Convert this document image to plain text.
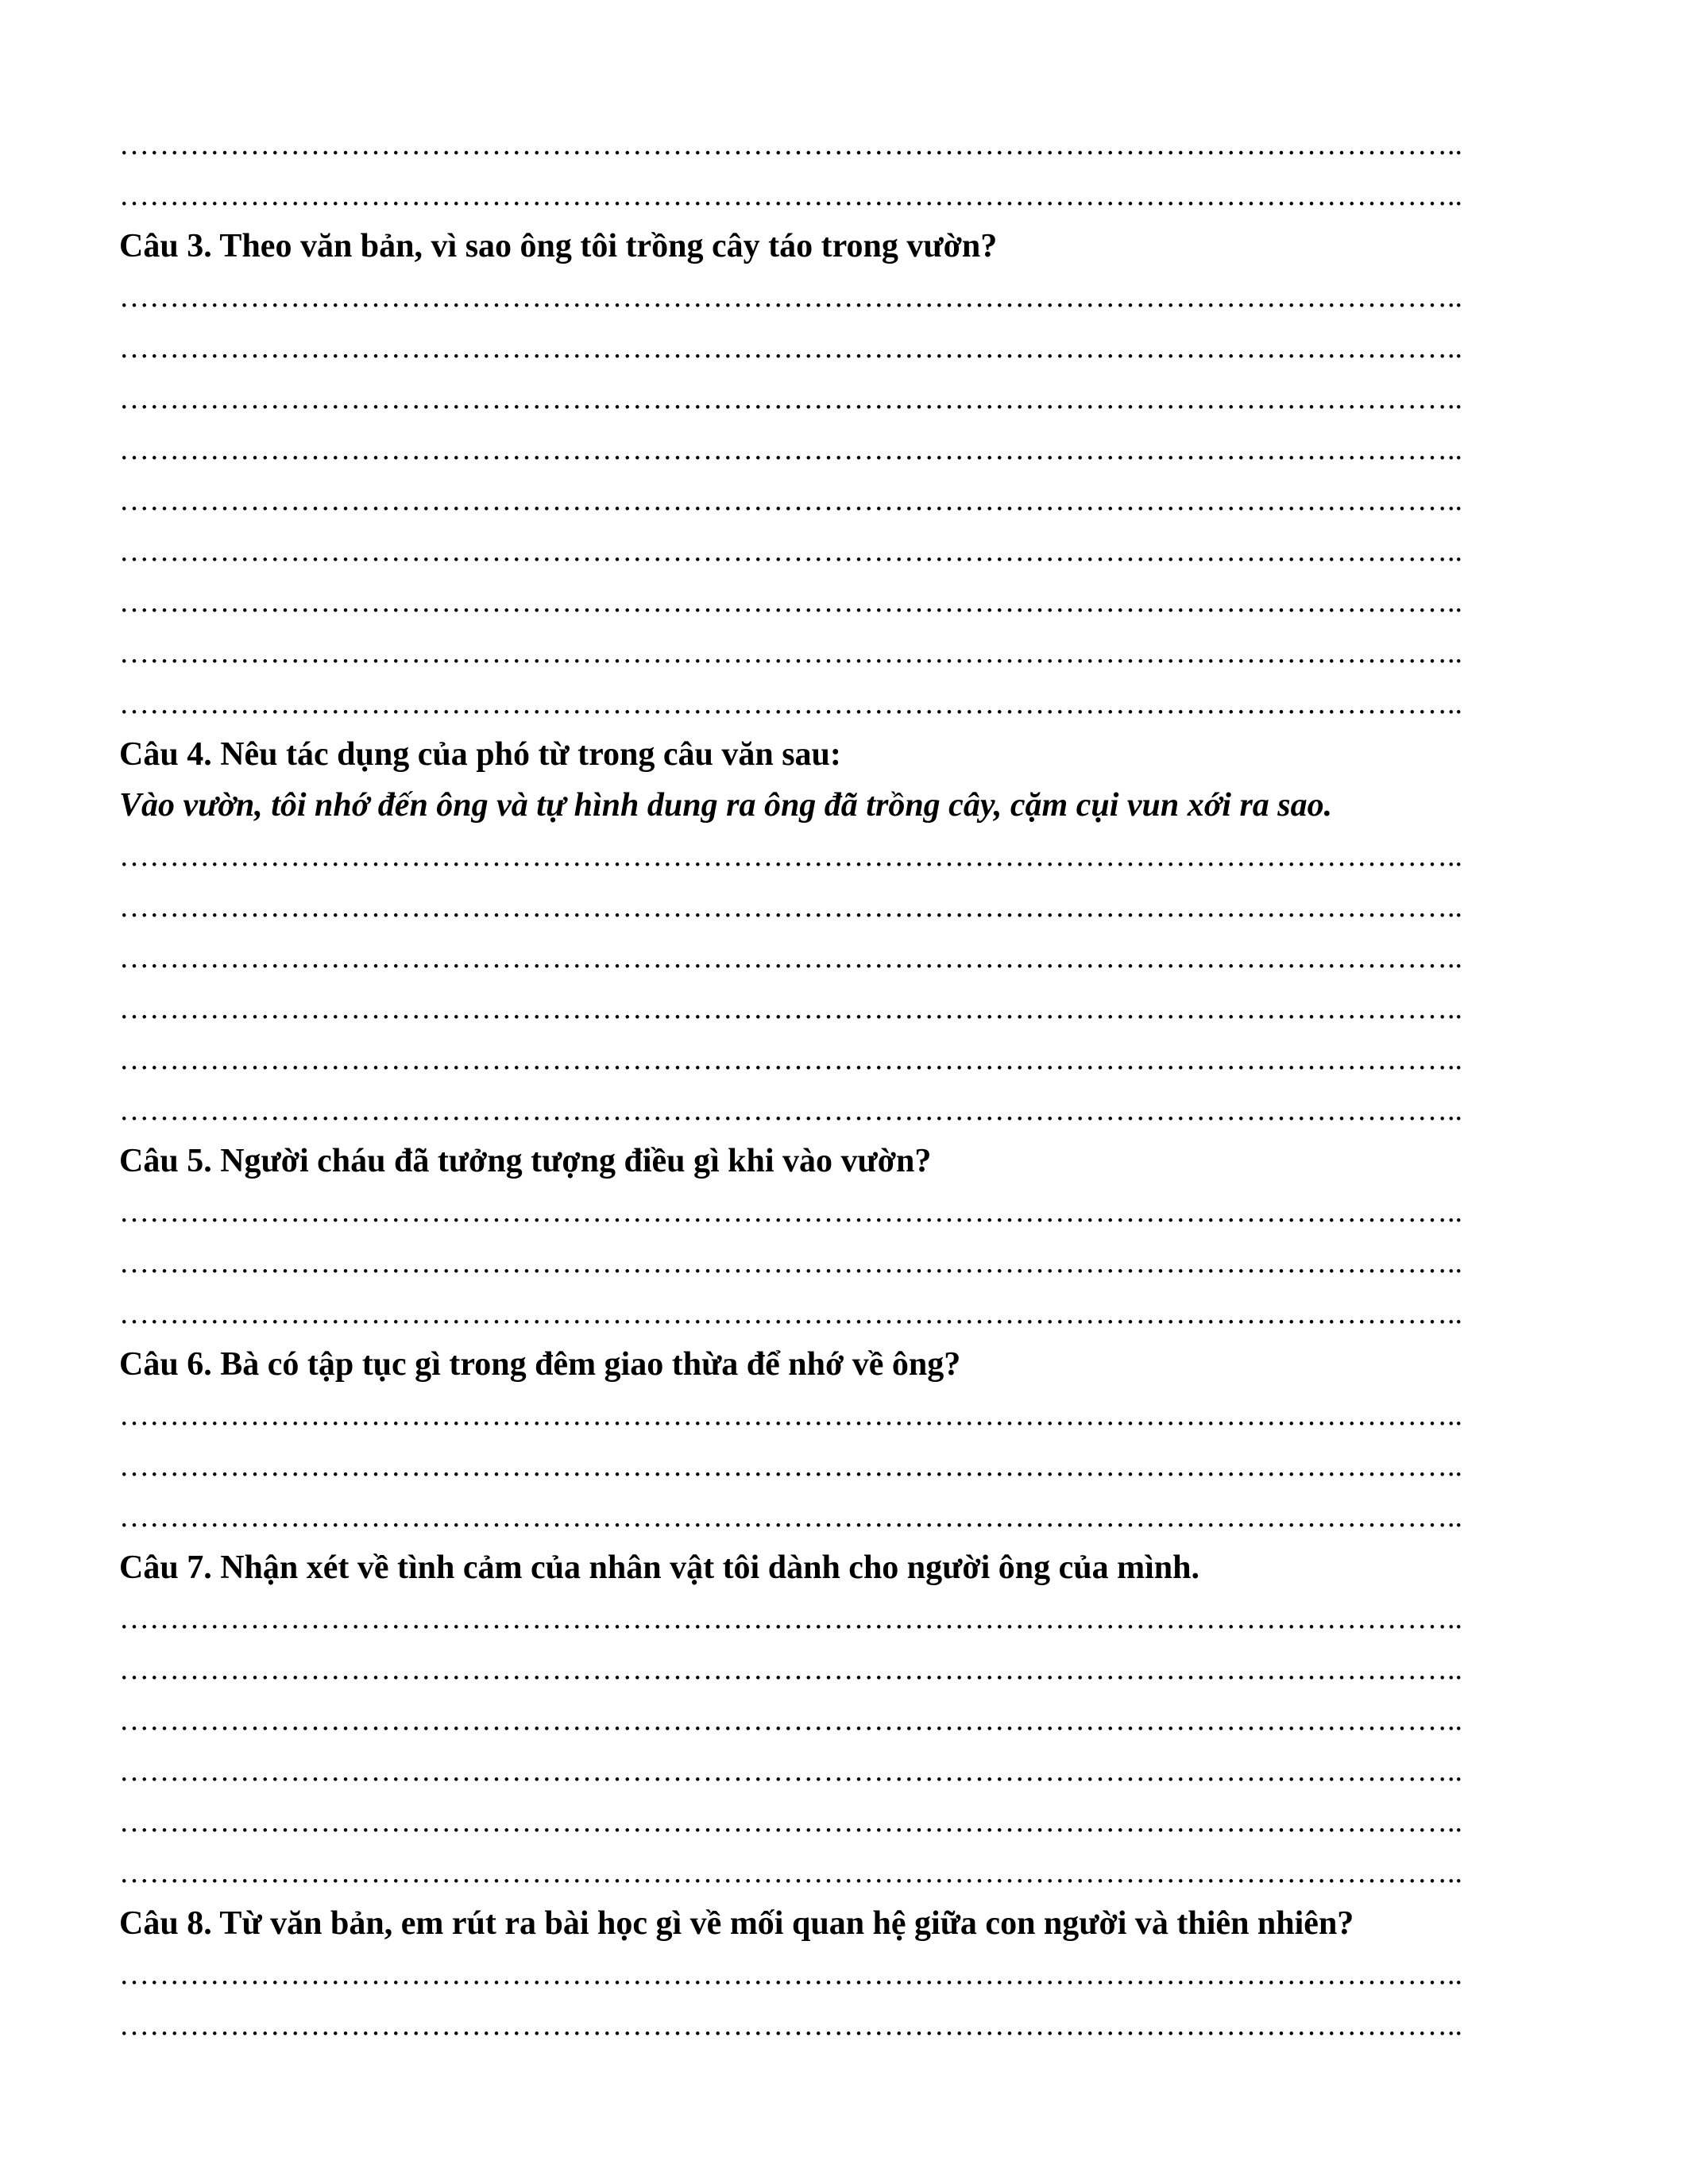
……………………………………………………………………………………………………………………..
……………………………………………………………………………………………………………………..
Câu 3. Theo văn bản, vì sao ông tôi trồng cây táo trong vườn?
……………………………………………………………………………………………………………………..
……………………………………………………………………………………………………………………..
……………………………………………………………………………………………………………………..
……………………………………………………………………………………………………………………..
……………………………………………………………………………………………………………………..
……………………………………………………………………………………………………………………..
……………………………………………………………………………………………………………………..
……………………………………………………………………………………………………………………..
……………………………………………………………………………………………………………………..
Câu 4. Nêu tác dụng của phó từ trong câu văn sau:
Vào vườn, tôi nhớ đến ông và tự hình dung ra ông đã trồng cây, cặm cụi vun xới ra sao.
……………………………………………………………………………………………………………………..
……………………………………………………………………………………………………………………..
……………………………………………………………………………………………………………………..
……………………………………………………………………………………………………………………..
……………………………………………………………………………………………………………………..
……………………………………………………………………………………………………………………..
Câu 5. Người cháu đã tưởng tượng điều gì khi vào vườn?
……………………………………………………………………………………………………………………..
……………………………………………………………………………………………………………………..
……………………………………………………………………………………………………………………..
Câu 6. Bà có tập tục gì trong đêm giao thừa để nhớ về ông?
……………………………………………………………………………………………………………………..
……………………………………………………………………………………………………………………..
……………………………………………………………………………………………………………………..
Câu 7. Nhận xét về tình cảm của nhân vật tôi dành cho người ông của mình.
……………………………………………………………………………………………………………………..
……………………………………………………………………………………………………………………..
……………………………………………………………………………………………………………………..
……………………………………………………………………………………………………………………..
……………………………………………………………………………………………………………………..
……………………………………………………………………………………………………………………..
Câu 8. Từ văn bản, em rút ra bài học gì về mối quan hệ giữa con người và thiên nhiên?
……………………………………………………………………………………………………………………..
……………………………………………………………………………………………………………………..
